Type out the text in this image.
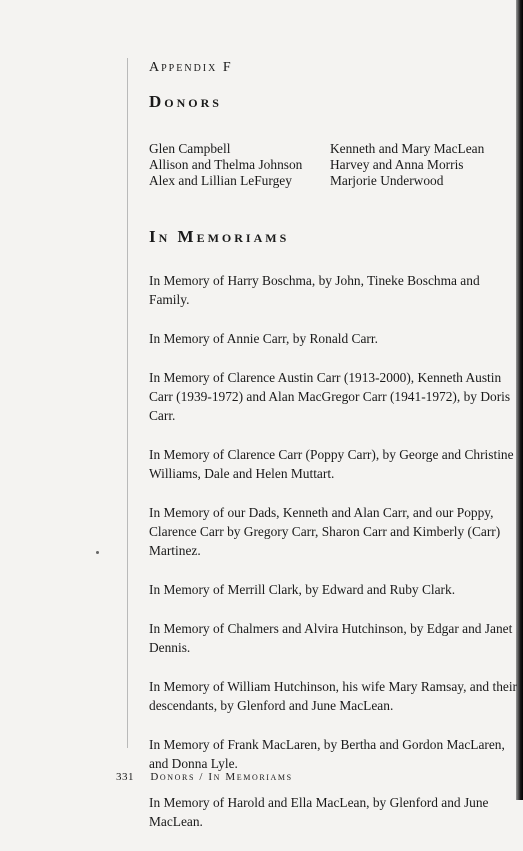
Appendix F
Donors
Glen Campbell
Allison and Thelma Johnson
Alex and Lillian LeFurgey
Kenneth and Mary MacLean
Harvey and Anna Morris
Marjorie Underwood
In Memoriams

In Memory of Harry Boschma, by John, Tineke Boschma and Family.

In Memory of Annie Carr, by Ronald Carr.

In Memory of Clarence Austin Carr (1913-2000), Kenneth Austin Carr (1939-1972) and Alan MacGregor Carr (1941-1972), by Doris Carr.

In Memory of Clarence Carr (Poppy Carr), by George and Christine Williams, Dale and Helen Muttart.

In Memory of our Dads, Kenneth and Alan Carr, and our Poppy, Clarence Carr by Gregory Carr, Sharon Carr and Kimberly (Carr) Martinez.

In Memory of Merrill Clark, by Edward and Ruby Clark.

In Memory of Chalmers and Alvira Hutchinson, by Edgar and Janet Dennis.

In Memory of William Hutchinson, his wife Mary Ramsay, and their descendants, by Glenford and June MacLean.

In Memory of Frank MacLaren, by Bertha and Gordon MacLaren, and Donna Lyle.

In Memory of Harold and Ella MacLean, by Glenford and June MacLean.

331 Donors / In Memoriams
